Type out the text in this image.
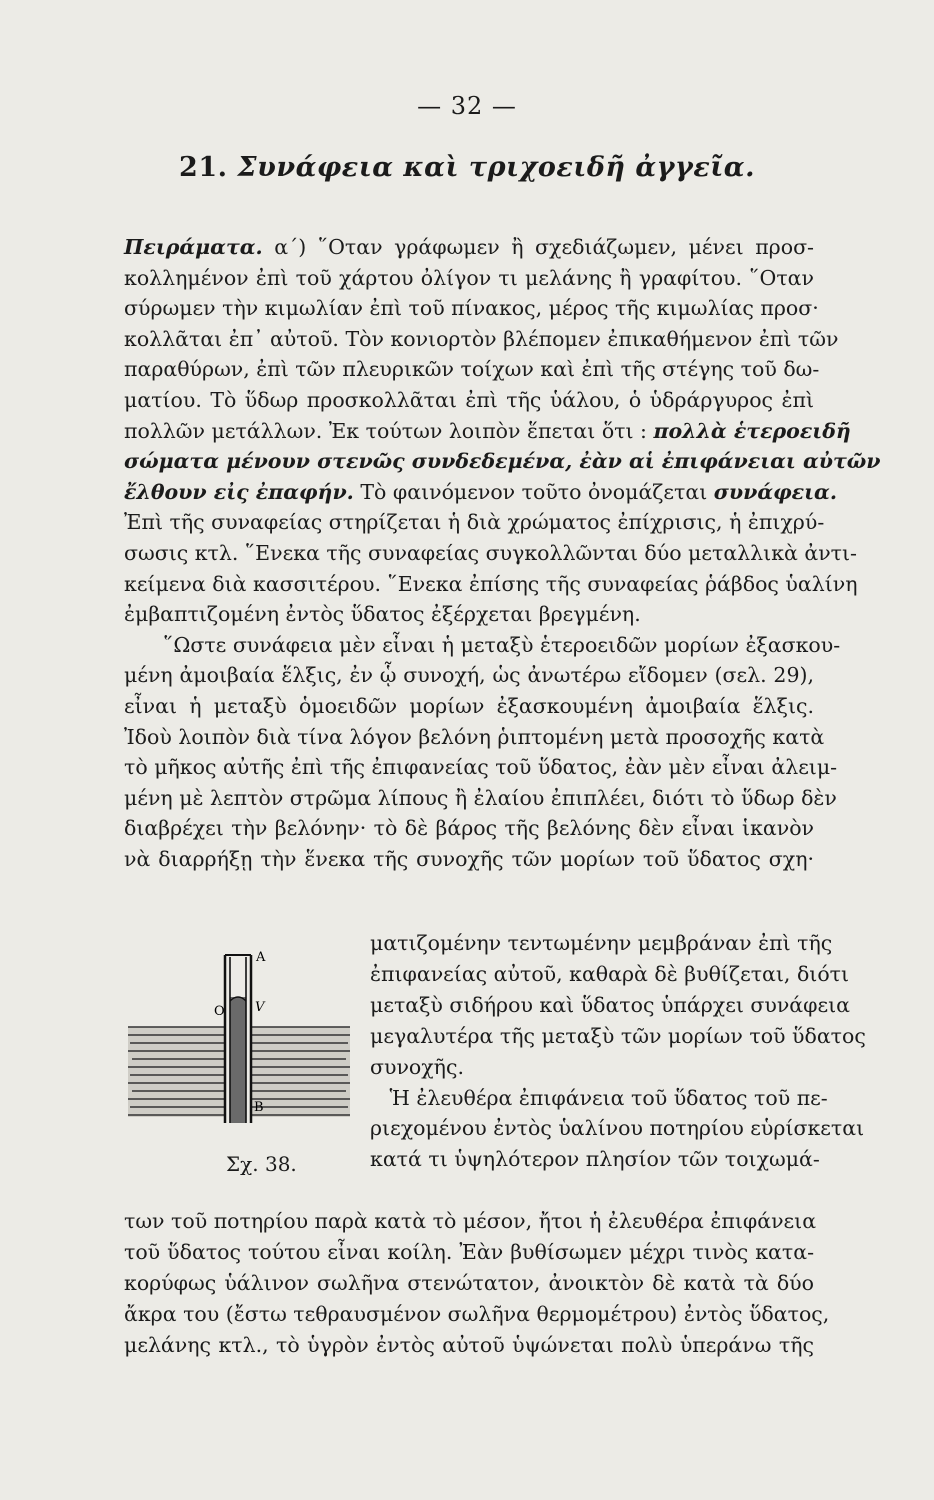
— 32 —
21. Συνάφεια καὶ τριχοειδῆ ἀγγεῖα.
Πειράματα. α΄) ῞Οταν γράφωμεν ἢ σχεδιάζωμεν, μένει προσ-
κολλημένον ἐπὶ τοῦ χάρτου ὀλίγον τι μελάνης ἢ γραφίτου. ῞Οταν
σύρωμεν τὴν κιμωλίαν ἐπὶ τοῦ πίνακος, μέρος τῆς κιμωλίας προσ·
κολλᾶται ἐπ᾿ αὐτοῦ. Τὸν κονιορτὸν βλέπομεν ἐπικαθήμενον ἐπὶ τῶν
παραθύρων, ἐπὶ τῶν πλευρικῶν τοίχων καὶ ἐπὶ τῆς στέγης τοῦ δω-
ματίου. Τὸ ὕδωρ προσκολλᾶται ἐπὶ τῆς ὑάλου, ὁ ὑδράργυρος ἐπὶ
πολλῶν μετάλλων. Ἐκ τούτων λοιπὸν ἕπεται ὅτι : πολλὰ ἑτεροειδῆ
σώματα μένουν στενῶς συνδεδεμένα, ἐὰν αἱ ἐπιφάνειαι αὐτῶν
ἔλθουν εἰς ἐπαφήν. Τὸ φαινόμενον τοῦτο ὀνομάζεται συνάφεια.
Ἐπὶ τῆς συναφείας στηρίζεται ἡ διὰ χρώματος ἐπίχρισις, ἡ ἐπιχρύ-
σωσις κτλ. ῞Ενεκα τῆς συναφείας συγκολλῶνται δύο μεταλλικὰ ἀντι-
κείμενα διὰ κασσιτέρου. ῞Ενεκα ἐπίσης τῆς συναφείας ῥάβδος ὑαλίνη
ἐμβαπτιζομένη ἐντὸς ὕδατος ἐξέρχεται βρεγμένη.
῞Ωστε συνάφεια μὲν εἶναι ἡ μεταξὺ ἑτεροειδῶν μορίων ἐξασκου-
μένη ἀμοιβαία ἕλξις, ἐν ᾧ συνοχή, ὡς ἀνωτέρω εἴδομεν (σελ. 29),
εἶναι ἡ μεταξὺ ὁμοειδῶν μορίων ἐξασκουμένη ἀμοιβαία ἕλξις.
Ἰδοὺ λοιπὸν διὰ τίνα λόγον βελόνη ῥιπτομένη μετὰ προσοχῆς κατὰ
τὸ μῆκος αὐτῆς ἐπὶ τῆς ἐπιφανείας τοῦ ὕδατος, ἐὰν μὲν εἶναι ἀλειμ-
μένη μὲ λεπτὸν στρῶμα λίπους ἢ ἐλαίου ἐπιπλέει, διότι τὸ ὕδωρ δὲν
διαβρέχει τὴν βελόνην· τὸ δὲ βάρος τῆς βελόνης δὲν εἶναι ἱκανὸν
νὰ διαρρήξῃ τὴν ἕνεκα τῆς συνοχῆς τῶν μορίων τοῦ ὕδατος σχη·
ματιζομένην τεντωμένην μεμβράναν ἐπὶ τῆς
ἐπιφανείας αὐτοῦ, καθαρὰ δὲ βυθίζεται, διότι
μεταξὺ σιδήρου καὶ ὕδατος ὑπάρχει συνάφεια
μεγαλυτέρα τῆς μεταξὺ τῶν μορίων τοῦ ὕδατος
συνοχῆς.
Ἡ ἐλευθέρα ἐπιφάνεια τοῦ ὕδατος τοῦ πε-
ριεχομένου ἐντὸς ὑαλίνου ποτηρίου εὑρίσκεται
κατά τι ὑψηλότερον πλησίον τῶν τοιχωμά-
των τοῦ ποτηρίου παρὰ κατὰ τὸ μέσον, ἤτοι ἡ ἐλευθέρα ἐπιφάνεια
τοῦ ὕδατος τούτου εἶναι κοίλη. Ἐὰν βυθίσωμεν μέχρι τινὸς κατα-
κορύφως ὑάλινον σωλῆνα στενώτατον, ἀνοικτὸν δὲ κατὰ τὰ δύο
ἄκρα του (ἔστω τεθραυσμένον σωλῆνα θερμομέτρου) ἐντὸς ὕδατος,
μελάνης κτλ., τὸ ὑγρὸν ἐντὸς αὐτοῦ ὑψώνεται πολὺ ὑπεράνω τῆς
A
O V
B
Σχ. 38.
